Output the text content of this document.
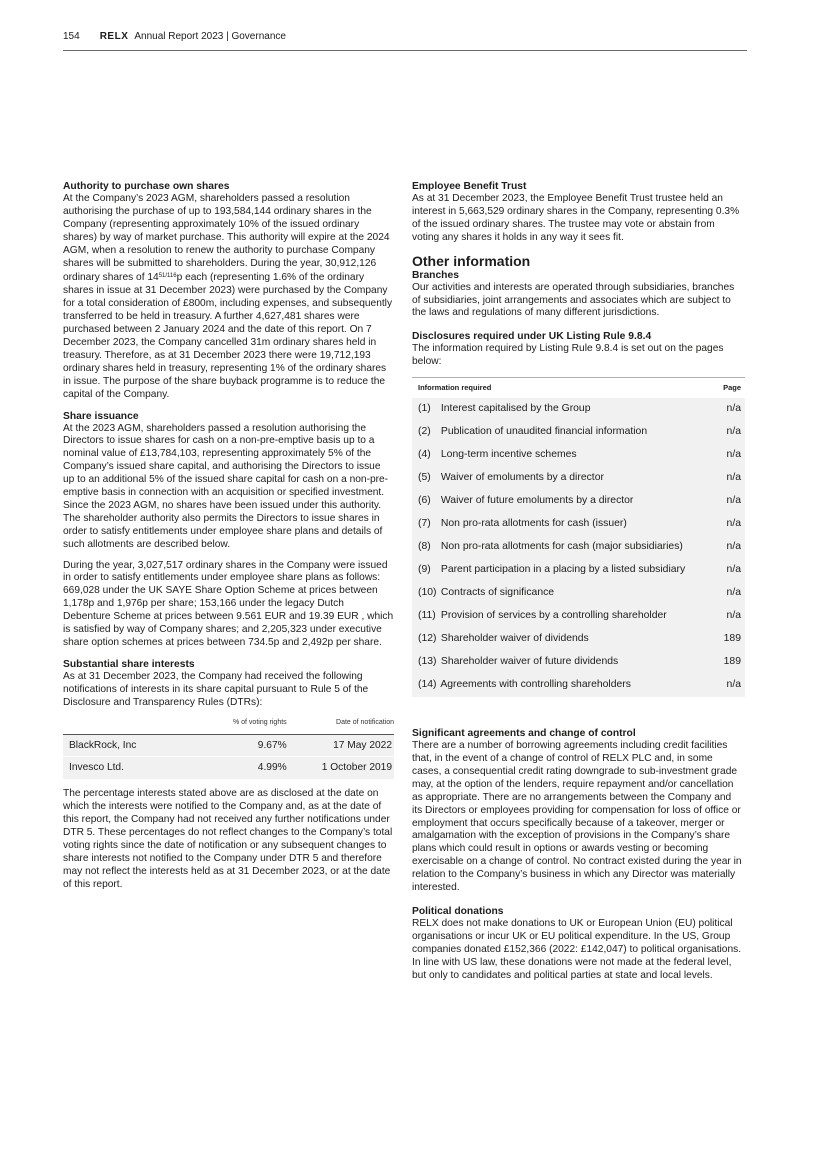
154 RELX Annual Report 2023 | Governance
Authority to purchase own shares

At the Company’s 2023 AGM, shareholders passed a resolution authorising the purchase of up to 193,584,144 ordinary shares in the Company (representing approximately 10% of the issued ordinary shares) by way of market purchase. This authority will expire at the 2024 AGM, when a resolution to renew the authority to purchase Company shares will be submitted to shareholders. During the year, 30,912,126 ordinary shares of $14^{51/116}p$ each (representing 1.6% of the ordinary shares in issue at 31 December 2023) were purchased by the Company for a total consideration of £800m, including expenses, and subsequently transferred to be held in treasury. A further 4,627,481 shares were purchased between 2 January 2024 and the date of this report. On 7 December 2023, the Company cancelled 31m ordinary shares held in treasury. Therefore, as at 31 December 2023 there were 19,712,193 ordinary shares held in treasury, representing 1% of the ordinary shares in issue. The purpose of the share buyback programme is to reduce the capital of the Company.

Share issuance

At the 2023 AGM, shareholders passed a resolution authorising the Directors to issue shares for cash on a non-pre-emptive basis up to a nominal value of £13,784,103, representing approximately 5% of the Company’s issued share capital, and authorising the Directors to issue up to an additional 5% of the issued share capital for cash on a non-pre-emptive basis in connection with an acquisition or specified investment. Since the 2023 AGM, no shares have been issued under this authority. The shareholder authority also permits the Directors to issue shares in order to satisfy entitlements under employee share plans and details of such allotments are described below.

During the year, 3,027,517 ordinary shares in the Company were issued in order to satisfy entitlements under employee share plans as follows: 669,028 under the UK SAYE Share Option Scheme at prices between 1,178p and 1,976p per share; 153,166 under the legacy Dutch Debenture Scheme at prices between 9.561 EUR and 19.39 EUR , which is satisfied by way of Company shares; and 2,205,323 under executive share option schemes at prices between 734.5p and 2,492p per share.

Substantial share interests

As at 31 December 2023, the Company had received the following notifications of interests in its share capital pursuant to Rule 5 of the Disclosure and Transparency Rules (DTRs):

	% of voting rights	Date of notification
BlackRock, Inc	9.67%	17 May 2022
Invesco Ltd.	4.99%	1 October 2019

The percentage interests stated above are as disclosed at the date on which the interests were notified to the Company and, as at the date of this report, the Company had not received any further notifications under DTR 5. These percentages do not reflect changes to the Company’s total voting rights since the date of notification or any subsequent changes to share interests not notified to the Company under DTR 5 and therefore may not reflect the interests held as at 31 December 2023, or at the date of this report.

Employee Benefit Trust

As at 31 December 2023, the Employee Benefit Trust trustee held an interest in 5,663,529 ordinary shares in the Company, representing 0.3% of the issued ordinary shares. The trustee may vote or abstain from voting any shares it holds in any way it sees fit.

Other information
Branches

Our activities and interests are operated through subsidiaries, branches of subsidiaries, joint arrangements and associates which are subject to the laws and regulations of many different jurisdictions.

Disclosures required under UK Listing Rule 9.8.4

The information required by Listing Rule 9.8.4 is set out on the pages below:

Information required	Page
(1) Interest capitalised by the Group	n/a
(2) Publication of unaudited financial information	n/a
(4) Long-term incentive schemes	n/a
(5) Waiver of emoluments by a director	n/a
(6) Waiver of future emoluments by a director	n/a
(7) Non pro-rata allotments for cash (issuer)	n/a
(8) Non pro-rata allotments for cash (major subsidiaries)	n/a
(9) Parent participation in a placing by a listed subsidiary	n/a
(10) Contracts of significance	n/a
(11) Provision of services by a controlling shareholder	n/a
(12) Shareholder waiver of dividends	189
(13) Shareholder waiver of future dividends	189
(14) Agreements with controlling shareholders	n/a
Significant agreements and change of control

There are a number of borrowing agreements including credit facilities that, in the event of a change of control of RELX PLC and, in some cases, a consequential credit rating downgrade to sub-investment grade may, at the option of the lenders, require repayment and/or cancellation as appropriate. There are no arrangements between the Company and its Directors or employees providing for compensation for loss of office or employment that occurs specifically because of a takeover, merger or amalgamation with the exception of provisions in the Company’s share plans which could result in options or awards vesting or becoming exercisable on a change of control. No contract existed during the year in relation to the Company’s business in which any Director was materially interested.

Political donations

RELX does not make donations to UK or European Union (EU) political organisations or incur UK or EU political expenditure. In the US, Group companies donated £152,366 (2022: £142,047) to political organisations. In line with US law, these donations were not made at the federal level, but only to candidates and political parties at state and local levels.
